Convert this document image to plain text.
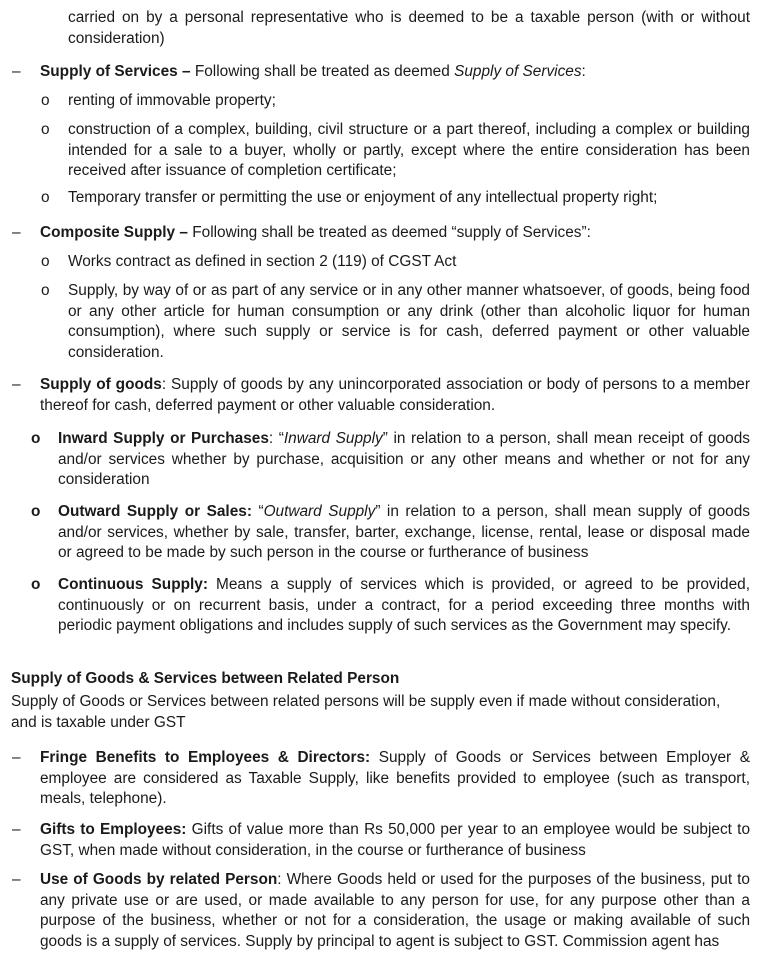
carried on by a personal representative who is deemed to be a taxable person (with or without consideration)

– Supply of Services – Following shall be treated as deemed Supply of Services:

o renting of immovable property;

o construction of a complex, building, civil structure or a part thereof, including a complex or building intended for a sale to a buyer, wholly or partly, except where the entire consideration has been received after issuance of completion certificate;

o Temporary transfer or permitting the use or enjoyment of any intellectual property right;

– Composite Supply – Following shall be treated as deemed “supply of Services”:

o Works contract as defined in section 2 (119) of CGST Act

o Supply, by way of or as part of any service or in any other manner whatsoever, of goods, being food or any other article for human consumption or any drink (other than alcoholic liquor for human consumption), where such supply or service is for cash, deferred payment or other valuable consideration.

– Supply of goods: Supply of goods by any unincorporated association or body of persons to a member thereof for cash, deferred payment or other valuable consideration.

o Inward Supply or Purchases: “Inward Supply” in relation to a person, shall mean receipt of goods and/or services whether by purchase, acquisition or any other means and whether or not for any consideration

o Outward Supply or Sales: “Outward Supply” in relation to a person, shall mean supply of goods and/or services, whether by sale, transfer, barter, exchange, license, rental, lease or disposal made or agreed to be made by such person in the course or furtherance of business

o Continuous Supply: Means a supply of services which is provided, or agreed to be provided, continuously or on recurrent basis, under a contract, for a period exceeding three months with periodic payment obligations and includes supply of such services as the Government may specify.

Supply of Goods & Services between Related Person

Supply of Goods or Services between related persons will be supply even if made without consideration, and is taxable under GST

– Fringe Benefits to Employees & Directors: Supply of Goods or Services between Employer & employee are considered as Taxable Supply, like benefits provided to employee (such as transport, meals, telephone).

– Gifts to Employees: Gifts of value more than Rs 50,000 per year to an employee would be subject to GST, when made without consideration, in the course or furtherance of business

– Use of Goods by related Person: Where Goods held or used for the purposes of the business, put to any private use or are used, or made available to any person for use, for any purpose other than a purpose of the business, whether or not for a consideration, the usage or making available of such goods is a supply of services. Supply by principal to agent is subject to GST. Commission agent has
